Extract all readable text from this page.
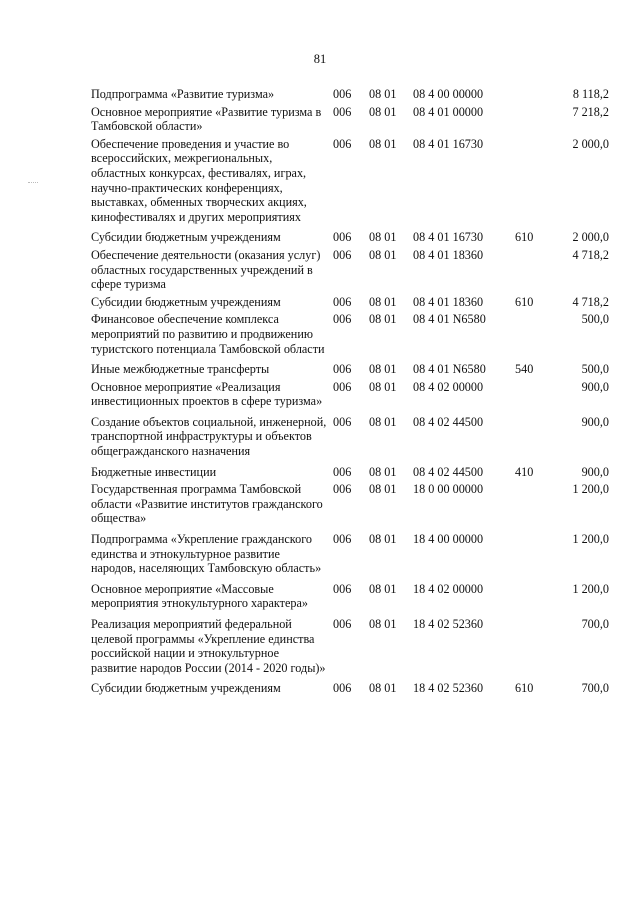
81
Подпрограмма «Развитие туризма»	006	08 01	08 4 00 00000		8 118,2
Основное мероприятие «Развитие туризма в Тамбовской области»	006	08 01	08 4 01 00000		7 218,2
Обеспечение проведения и участие во всероссийских, межрегиональных, областных конкурсах, фестивалях, играх, научно-практических конференциях, выставках, обменных творческих акциях, кинофестивалях и других мероприятиях	006	08 01	08 4 01 16730		2 000,0
Субсидии бюджетным учреждениям	006	08 01	08 4 01 16730	610	2 000,0
Обеспечение деятельности (оказания услуг) областных государственных учреждений в сфере туризма	006	08 01	08 4 01 18360		4 718,2
Субсидии бюджетным учреждениям	006	08 01	08 4 01 18360	610	4 718,2
Финансовое обеспечение комплекса мероприятий по развитию и продвижению туристского потенциала Тамбовской области	006	08 01	08 4 01 N6580		500,0
Иные межбюджетные трансферты	006	08 01	08 4 01 N6580	540	500,0
Основное мероприятие «Реализация инвестиционных проектов в сфере туризма»	006	08 01	08 4 02 00000		900,0
Создание объектов социальной, инженерной, транспортной инфраструктуры и объектов общегражданского назначения	006	08 01	08 4 02 44500		900,0
Бюджетные инвестиции	006	08 01	08 4 02 44500	410	900,0
Государственная программа Тамбовской области «Развитие институтов гражданского общества»	006	08 01	18 0 00 00000		1 200,0
Подпрограмма «Укрепление гражданского единства и этнокультурное развитие народов, населяющих Тамбовскую область»	006	08 01	18 4 00 00000		1 200,0
Основное мероприятие «Массовые мероприятия этнокультурного характера»	006	08 01	18 4 02 00000		1 200,0
Реализация мероприятий федеральной целевой программы «Укрепление единства российской нации и этнокультурное развитие народов России (2014 - 2020 годы)»	006	08 01	18 4 02 52360		700,0
Субсидии бюджетным учреждениям	006	08 01	18 4 02 52360	610	700,0
